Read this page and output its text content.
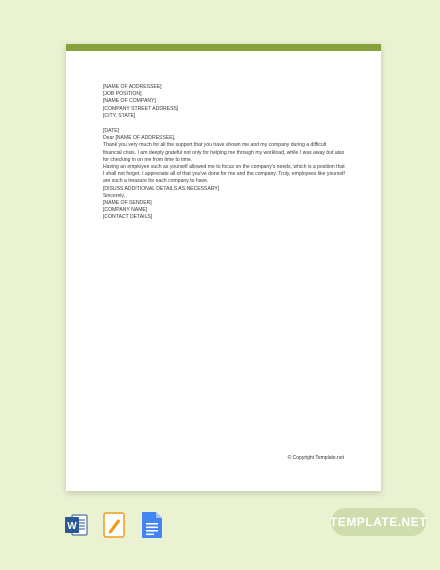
[NAME OF ADDRESSEE]

[JOB POSITION]

[NAME OF COMPANY]

[COMPANY STREET ADDRESS]

[CITY, STATE]

[DATE]

Dear [NAME OF ADDRESSEE],

Thank you very much for all the support that you have shown me and my company during a difficult financial crisis. I am deeply grateful not only for helping me through my workload, while I was away but also for checking in on me from time to time.

Having an employee such as yourself allowed me to focus on the company's needs, which is a position that I shall not forget. I appreciate all of that you've done for me and the company. Truly, employees like yourself are such a treasure for each company to have.

[DISUSS ADDITIONAL DETAILS AS NECESSARY]

Sincerely,

[NAME OF SENDER]

[COMPANY NAME]

[CONTACT DETAILS]

© Copyright Template.net
W	TEMPLATE.NET
